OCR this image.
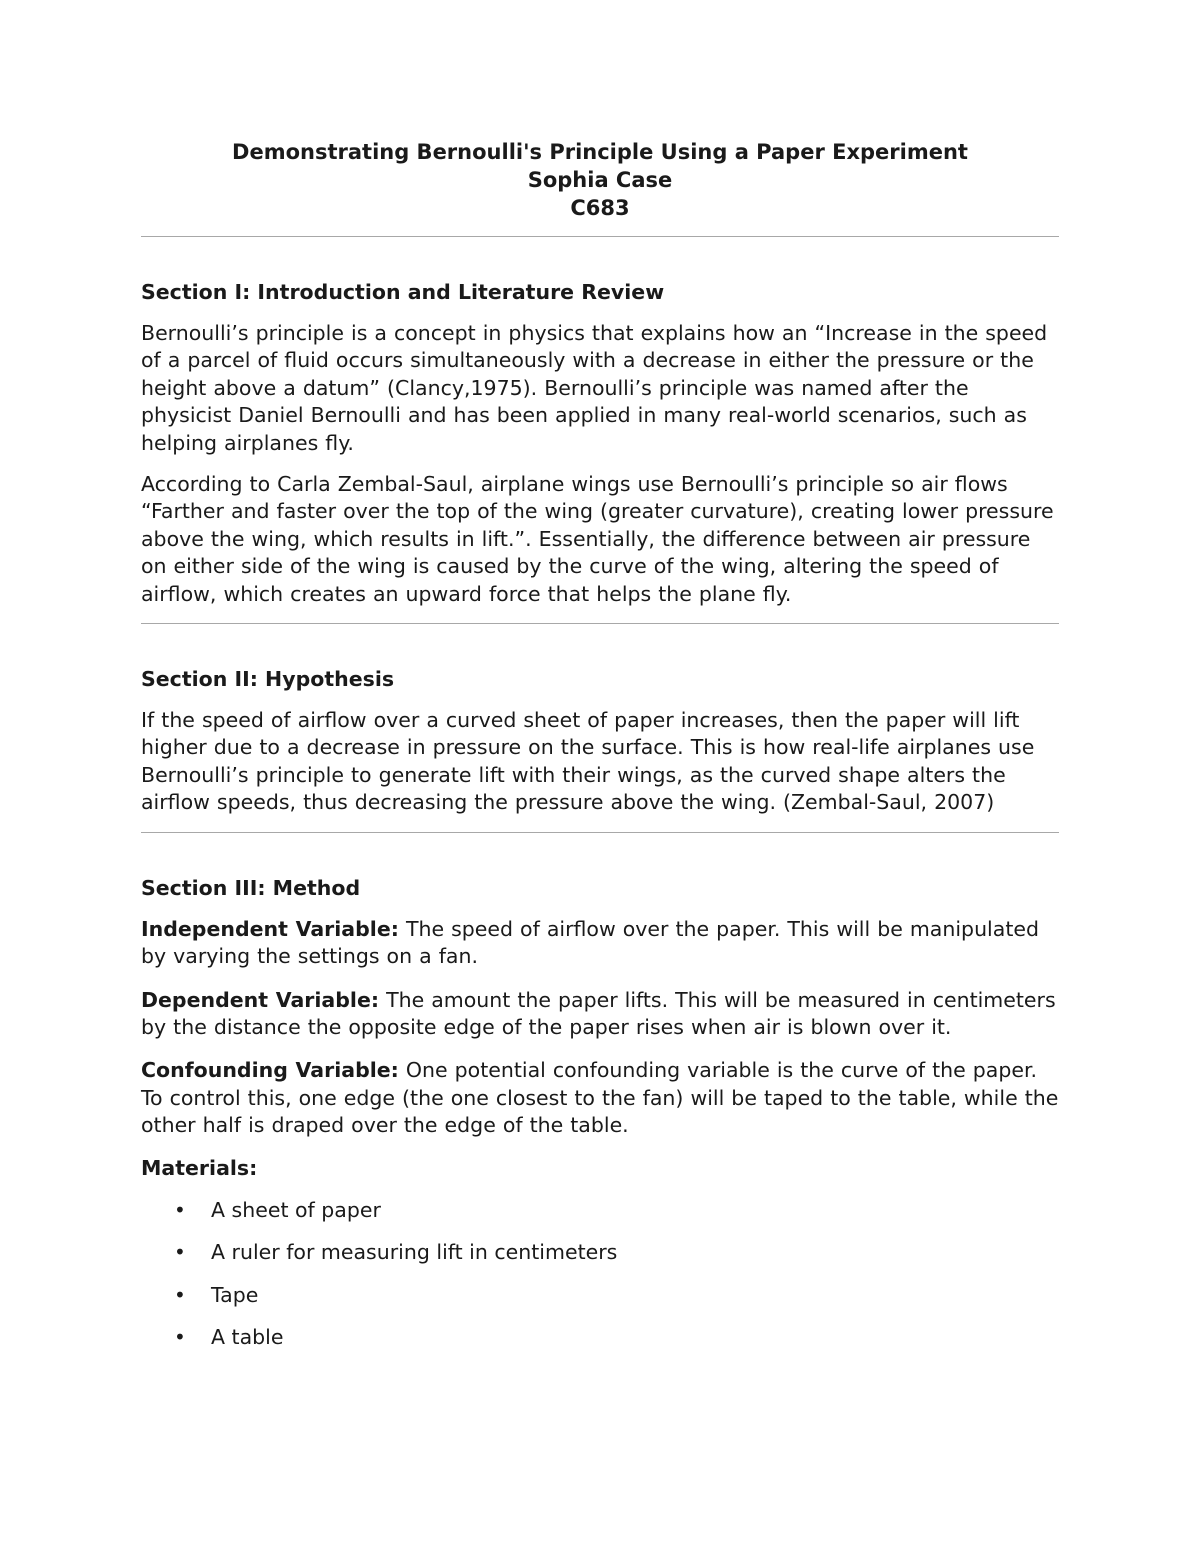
Demonstrating Bernoulli's Principle Using a Paper Experiment
Sophia Case
C683
Section I: Introduction and Literature Review

Bernoulli’s principle is a concept in physics that explains how an “Increase in the speed of a parcel of fluid occurs simultaneously with a decrease in either the pressure or the height above a datum” (Clancy,1975). Bernoulli’s principle was named after the physicist Daniel Bernoulli and has been applied in many real-world scenarios, such as helping airplanes fly.

According to Carla Zembal-Saul, airplane wings use Bernoulli’s principle so air flows “Farther and faster over the top of the wing (greater curvature), creating lower pressure above the wing, which results in lift.”. Essentially, the difference between air pressure on either side of the wing is caused by the curve of the wing, altering the speed of airflow, which creates an upward force that helps the plane fly.

Section II: Hypothesis

If the speed of airflow over a curved sheet of paper increases, then the paper will lift higher due to a decrease in pressure on the surface. This is how real-life airplanes use Bernoulli’s principle to generate lift with their wings, as the curved shape alters the airflow speeds, thus decreasing the pressure above the wing. (Zembal-Saul, 2007)

Section III: Method

Independent Variable: The speed of airflow over the paper. This will be manipulated by varying the settings on a fan.

Dependent Variable: The amount the paper lifts. This will be measured in centimeters by the distance the opposite edge of the paper rises when air is blown over it.

Confounding Variable: One potential confounding variable is the curve of the paper. To control this, one edge (the one closest to the fan) will be taped to the table, while the other half is draped over the edge of the table.

Materials:
• A sheet of paper
• A ruler for measuring lift in centimeters
• Tape
• A table
